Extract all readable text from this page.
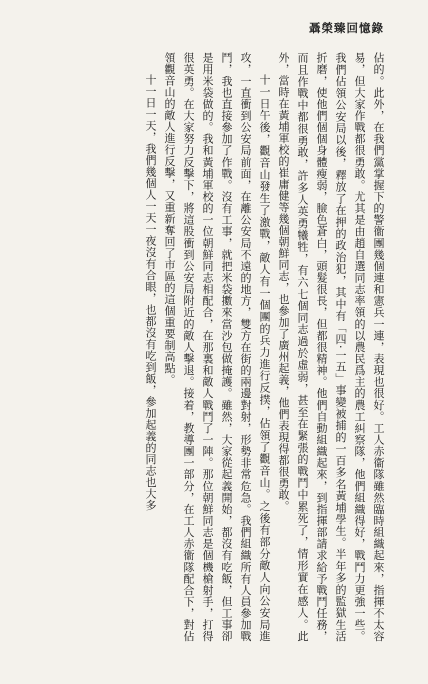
聶榮臻回憶錄

佔的。此外，在我們黨掌握下的警衞團幾個連和憲兵一連，表現也很好。工人赤衞隊雖然臨時組織起來，指揮不太容易，但大家作戰都很勇敢。尤其是由趙自選同志率領的以農民爲主的農工糾察隊，他們組織得好，戰鬥力更強一些。我們佔領公安局以後，釋放了在押的政治犯，其中有「四·一五」事變被捕的一百多名黃埔學生。半年多的監獄生活折磨，使他們個個身體瘦弱，臉色蒼白，頭髮很長，但都很精神。他們自動組織起來，到指揮部請求給予戰鬥任務，而且作戰中都很勇敢，許多人英勇犧牲，有六七個同志過於虛弱，甚至在緊張的戰鬥中累死了，情形實在感人。此外，當時在黃埔軍校的崔庸健等幾個朝鮮同志，也參加了廣州起義，他們表現得都很勇敢。

十一日午後，觀音山發生了激戰，敵人有一個團的兵力進行反撲，佔領了觀音山。之後有部分敵人向公安局進攻，一直衝到公安局前面，在離公安局不遠的地方，雙方在街的兩邊對射，形勢非常危急。我們組織所有人員參加戰鬥，我也直接參加了作戰。沒有工事，就把米袋擻來當沙包做掩護。雖然，大家從起義開始，都沒有吃飯，但工事卻是用米袋做的。我和黃埔軍校的一位朝鮮同志相配合，在那裏和敵人戰鬥了一陣。那位朝鮮同志是個機槍射手，打得很英勇。在大家努力反擊下，將這股衝到公安局附近的敵人擊退。接着，教導團一部分，在工人赤衞隊配合下，對佔領觀音山的敵人進行反擊，又重新奪回了市區的這個重要制高點。

十一日一天，我們幾個人一天一夜沒有合眼，也都沒有吃到飯，參加起義的同志也大多
